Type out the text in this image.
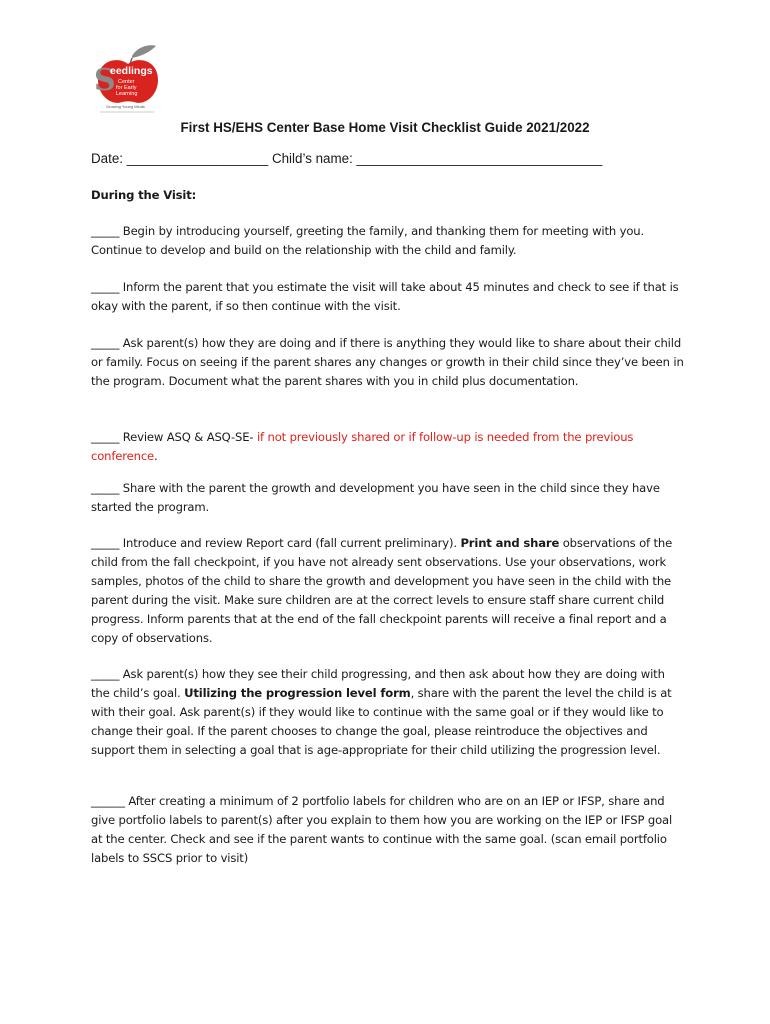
S
eedlings
Center
for Early
Learning
Growing Young Minds
First HS/EHS Center Base Home Visit Checklist Guide 2021/2022
Date: ___________________ Child’s name: _________________________________
During the Visit:
_____ Begin by introducing yourself, greeting the family, and thanking them for meeting with you. Continue to develop and build on the relationship with the child and family.
_____ Inform the parent that you estimate the visit will take about 45 minutes and check to see if that is okay with the parent, if so then continue with the visit.
_____ Ask parent(s) how they are doing and if there is anything they would like to share about their child or family. Focus on seeing if the parent shares any changes or growth in their child since they’ve been in the program. Document what the parent shares with you in child plus documentation.
_____ Review ASQ & ASQ-SE- if not previously shared or if follow-up is needed from the previous conference.
_____ Share with the parent the growth and development you have seen in the child since they have started the program.
_____ Introduce and review Report card (fall current preliminary). Print and share observations of the child from the fall checkpoint, if you have not already sent observations. Use your observations, work samples, photos of the child to share the growth and development you have seen in the child with the parent during the visit. Make sure children are at the correct levels to ensure staff share current child progress. Inform parents that at the end of the fall checkpoint parents will receive a final report and a copy of observations.
_____ Ask parent(s) how they see their child progressing, and then ask about how they are doing with the child’s goal. Utilizing the progression level form, share with the parent the level the child is at with their goal. Ask parent(s) if they would like to continue with the same goal or if they would like to change their goal. If the parent chooses to change the goal, please reintroduce the objectives and support them in selecting a goal that is age-appropriate for their child utilizing the progression level.
______ After creating a minimum of 2 portfolio labels for children who are on an IEP or IFSP, share and give portfolio labels to parent(s) after you explain to them how you are working on the IEP or IFSP goal at the center. Check and see if the parent wants to continue with the same goal. (scan email portfolio labels to SSCS prior to visit)
